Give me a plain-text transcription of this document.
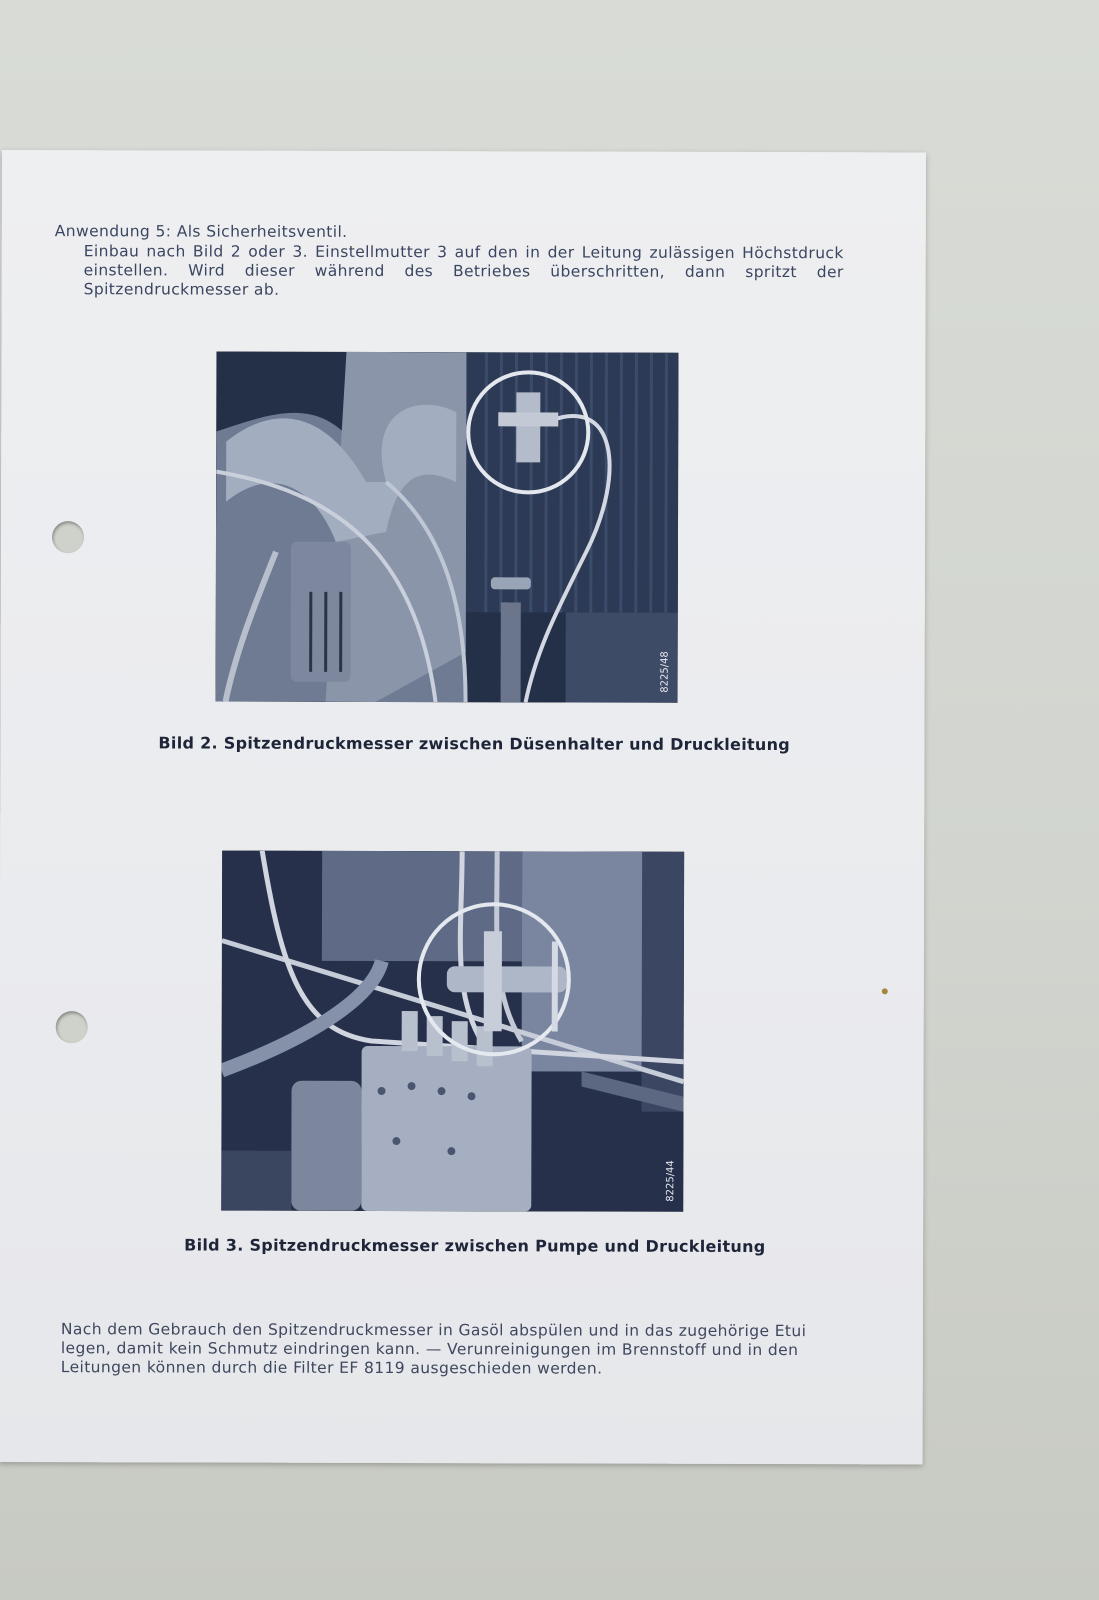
Anwendung 5: Als Sicherheitsventil.
Einbau nach Bild 2 oder 3. Einstellmutter 3 auf den in der Leitung zulässigen Höchstdruck einstellen. Wird dieser während des Betriebes überschritten, dann spritzt der Spitzendruckmesser ab.
8225/48
Bild 2. Spitzendruckmesser zwischen Düsenhalter und Druckleitung
8225/44
Bild 3. Spitzendruckmesser zwischen Pumpe und Druckleitung
Nach dem Gebrauch den Spitzendruckmesser in Gasöl abspülen und in das zugehörige Etui legen, damit kein Schmutz eindringen kann. — Verunreinigungen im Brennstoff und in den Leitungen können durch die Filter EF 8119 ausgeschieden werden.
